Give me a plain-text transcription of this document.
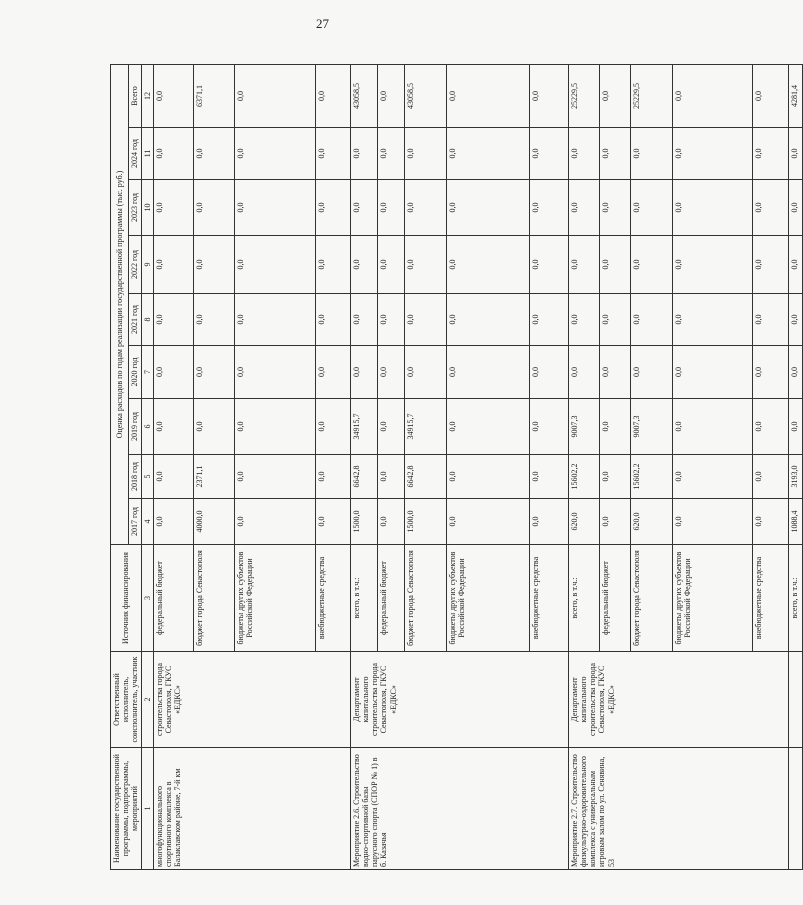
27
Наименование государственной программы, подпрограммы, мероприятий	Ответственный исполнитель, соисполнитель, участник	Источник финансирования	Оценка расходов по годам реализации государственной программы (тыс. руб.)								
			2017 год	2018 год	2019 год	2020 год	2021 год	2022 год	2023 год	2024 год	Всего
1	2	3	4	5	6	7	8	9	10	11	12
многофункционального спортивного комплекса в Балаклавском районе, 7-й км	строительства города Севастополя, ГКУС «ЕДКС»	федеральный бюджет	0,0	0,0	0,0	0,0	0,0	0,0	0,0	0,0	0,0
		бюджет города Севастополя	4000,0	2371,1	0,0	0,0	0,0	0,0	0,0	0,0	6371,1
		бюджеты других субъектов Российской Федерации	0,0	0,0	0,0	0,0	0,0	0,0	0,0	0,0	0,0
		внебюджетные средства	0,0	0,0	0,0	0,0	0,0	0,0	0,0	0,0	0,0
Мероприятие 2.6. Строительство водно-спортивной базы парусного спорта (СПОР № 1) в б. Казачья	Департамент капитального строительства города Севастополя, ГКУС «ЕДКС»	всего, в т.ч.:	1500,0	6642,8	34915,7	0,0	0,0	0,0	0,0	0,0	43058,5
		федеральный бюджет	0,0	0,0	0,0	0,0	0,0	0,0	0,0	0,0	0,0
		бюджет города Севастополя	1500,0	6642,8	34915,7	0,0	0,0	0,0	0,0	0,0	43058,5
		бюджеты других субъектов Российской Федерации	0,0	0,0	0,0	0,0	0,0	0,0	0,0	0,0	0,0
		внебюджетные средства	0,0	0,0	0,0	0,0	0,0	0,0	0,0	0,0	0,0
Мероприятие 2.7. Строительство физкультурно-оздоровительного комплекса с универсальным игровым залом по ул. Сенявина, 53	Департамент капитального строительства города Севастополя, ГКУС «ЕДКС»	всего, в т.ч.:	620,0	15602,2	9007,3	0,0	0,0	0,0	0,0	0,0	25229,5
		федеральный бюджет	0,0	0,0	0,0	0,0	0,0	0,0	0,0	0,0	0,0
		бюджет города Севастополя	620,0	15602,2	9007,3	0,0	0,0	0,0	0,0	0,0	25229,5
		бюджеты других субъектов Российской Федерации	0,0	0,0	0,0	0,0	0,0	0,0	0,0	0,0	0,0
		внебюджетные средства	0,0	0,0	0,0	0,0	0,0	0,0	0,0	0,0	0,0
		всего, в т.ч.:	1088,4	3193,0	0,0	0,0	0,0	0,0	0,0	0,0	4281,4
